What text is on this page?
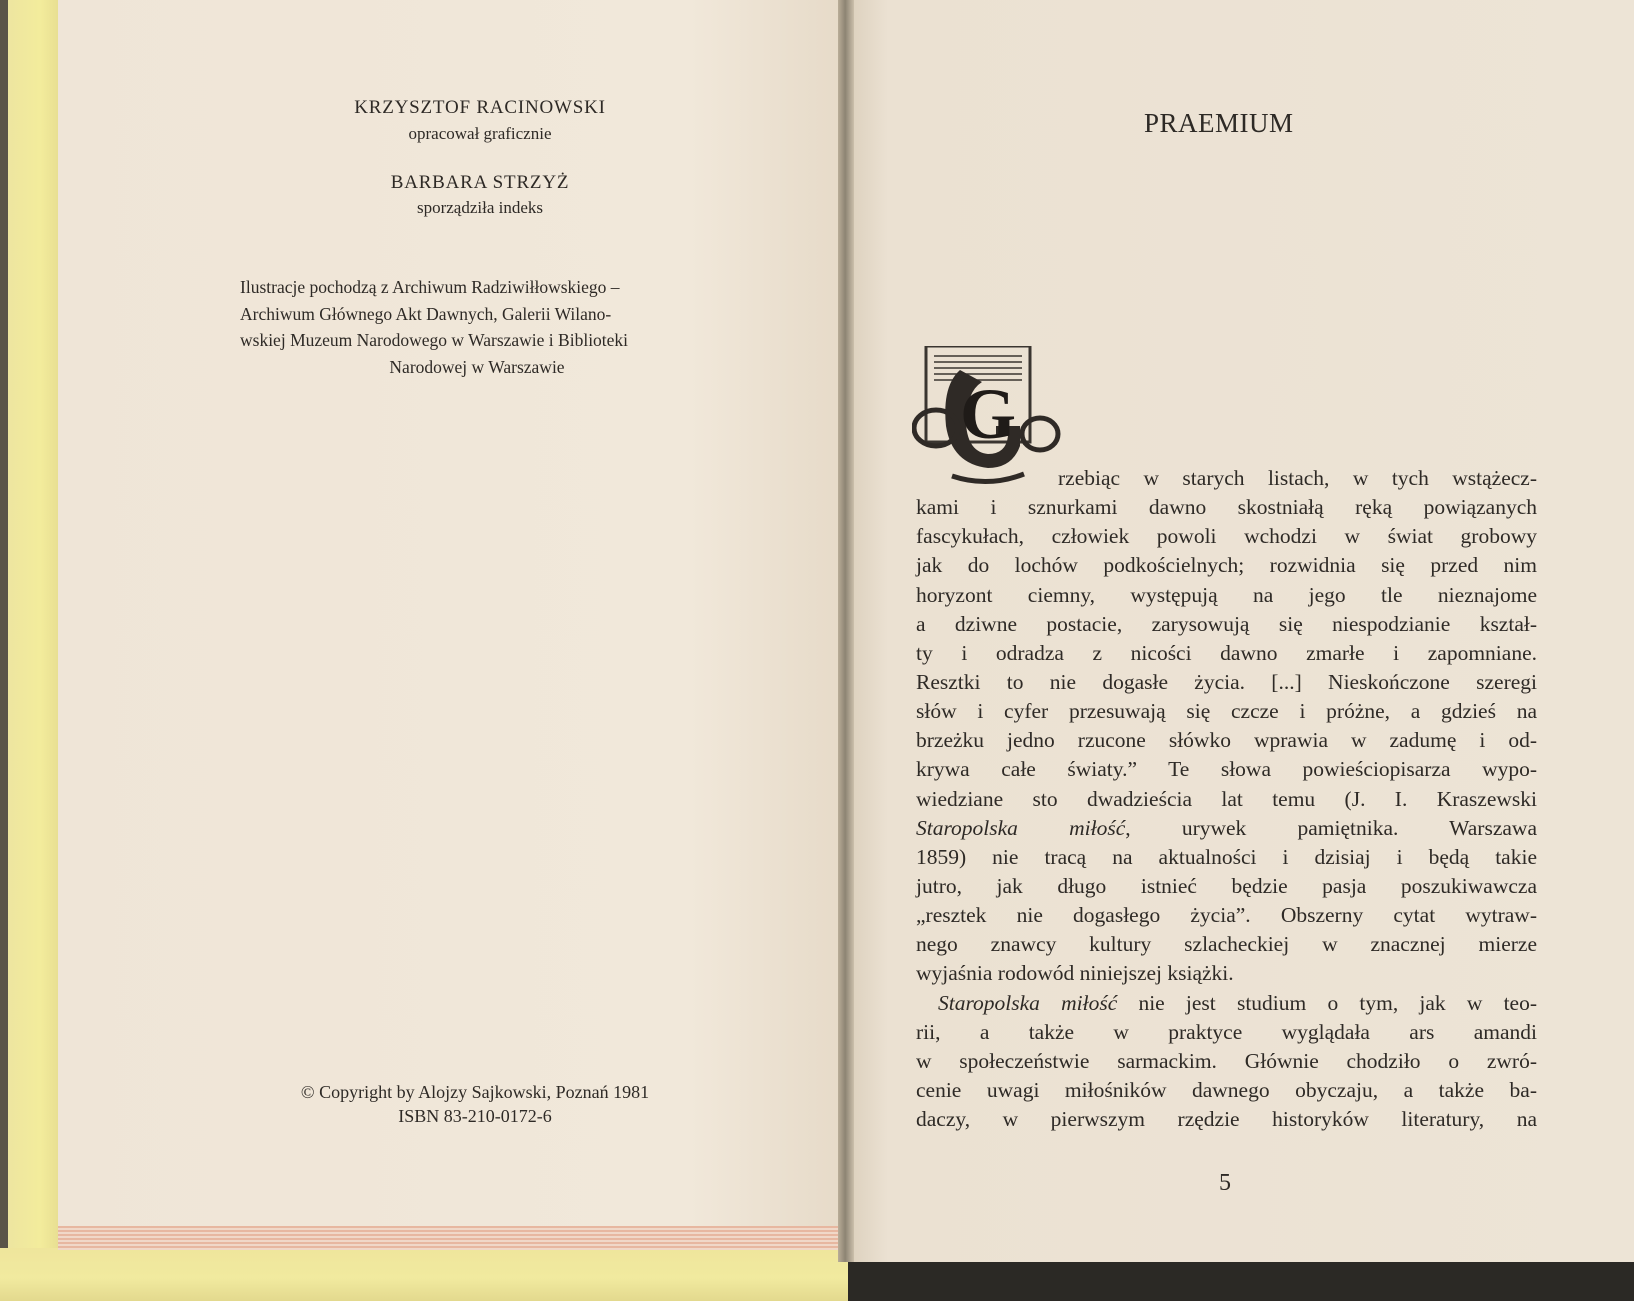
KRZYSZTOF RACINOWSKI
opracował graficznie
BARBARA STRZYŻ
sporządziła indeks
Ilustracje pochodzą z Archiwum Radziwiłłowskiego –
Archiwum Głównego Akt Dawnych, Galerii Wilano-
wskiej Muzeum Narodowego w Warszawie i Biblioteki
Narodowej w Warszawie
© Copyright by Alojzy Sajkowski, Poznań 1981
ISBN 83-210-0172-6
PRAEMIUM
G
rzebiąc w starych listach, w tych wstążecz-
kami i sznurkami dawno skostniałą ręką powiązanych
fascykułach, człowiek powoli wchodzi w świat grobowy
jak do lochów podkościelnych; rozwidnia się przed nim
horyzont ciemny, występują na jego tle nieznajome
a dziwne postacie, zarysowują się niespodzianie kształ-
ty i odradza z nicości dawno zmarłe i zapomniane.
Resztki to nie dogasłe życia. [...] Nieskończone szeregi
słów i cyfer przesuwają się czcze i próżne, a gdzieś na
brzeżku jedno rzucone słówko wprawia w zadumę i od-
krywa całe światy.” Te słowa powieściopisarza wypo-
wiedziane sto dwadzieścia lat temu (J. I. Kraszewski
Staropolska miłość, urywek pamiętnika. Warszawa
1859) nie tracą na aktualności i dzisiaj i będą takie
jutro, jak długo istnieć będzie pasja poszukiwawcza
„resztek nie dogasłego życia”. Obszerny cytat wytraw-
nego znawcy kultury szlacheckiej w znacznej mierze
wyjaśnia rodowód niniejszej książki.
Staropolska miłość nie jest studium o tym, jak w teo-
rii, a także w praktyce wyglądała ars amandi
w społeczeństwie sarmackim. Głównie chodziło o zwró-
cenie uwagi miłośników dawnego obyczaju, a także ba-
daczy, w pierwszym rzędzie historyków literatury, na
5
